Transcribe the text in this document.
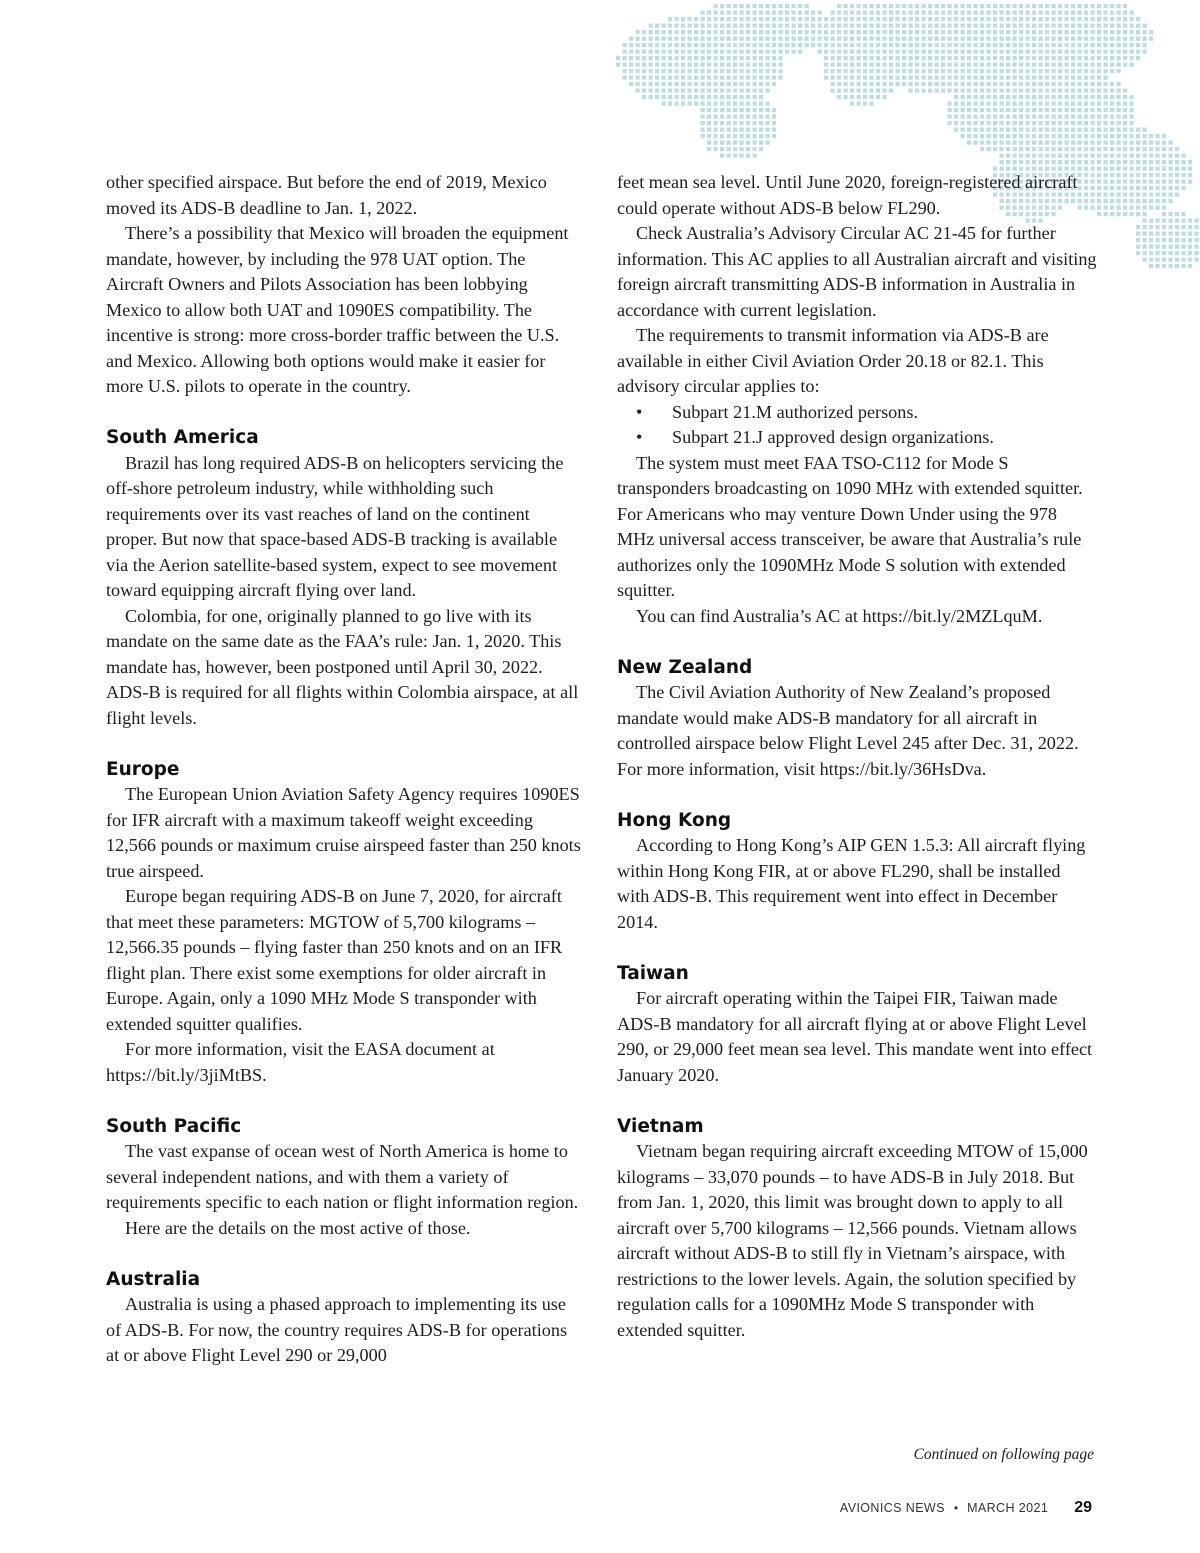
other specified airspace. But before the end of 2019, Mexico moved its ADS-B deadline to Jan. 1, 2022.

There’s a possibility that Mexico will broaden the equipment mandate, however, by including the 978 UAT option. The Aircraft Owners and Pilots Association has been lobbying Mexico to allow both UAT and 1090ES compatibility. The incentive is strong: more cross-border traffic between the U.S. and Mexico. Allowing both options would make it easier for more U.S. pilots to operate in the country.

South America

Brazil has long required ADS-B on helicopters servicing the off-shore petroleum industry, while withholding such requirements over its vast reaches of land on the continent proper. But now that space-based ADS-B tracking is available via the Aerion satellite-based system, expect to see movement toward equipping aircraft flying over land.

Colombia, for one, originally planned to go live with its mandate on the same date as the FAA’s rule: Jan. 1, 2020. This mandate has, however, been postponed until April 30, 2022. ADS-B is required for all flights within Colombia airspace, at all flight levels.

Europe

The European Union Aviation Safety Agency requires 1090ES for IFR aircraft with a maximum takeoff weight exceeding 12,566 pounds or maximum cruise airspeed faster than 250 knots true airspeed.

Europe began requiring ADS-B on June 7, 2020, for aircraft that meet these parameters: MGTOW of 5,700 kilograms – 12,566.35 pounds – flying faster than 250 knots and on an IFR flight plan. There exist some exemptions for older aircraft in Europe. Again, only a 1090 MHz Mode S transponder with extended squitter qualifies.

For more information, visit the EASA document at https://bit.ly/3jiMtBS.

South Pacific

The vast expanse of ocean west of North America is home to several independent nations, and with them a variety of requirements specific to each nation or flight information region.

Here are the details on the most active of those.

Australia

Australia is using a phased approach to implementing its use of ADS-B. For now, the country requires ADS-B for operations at or above Flight Level 290 or 29,000

feet mean sea level. Until June 2020, foreign-registered aircraft could operate without ADS-B below FL290.

Check Australia’s Advisory Circular AC 21-45 for further information. This AC applies to all Australian aircraft and visiting foreign aircraft transmitting ADS-B information in Australia in accordance with current legislation.

The requirements to transmit information via ADS-B are available in either Civil Aviation Order 20.18 or 82.1. This advisory circular applies to:

• Subpart 21.M authorized persons.
• Subpart 21.J approved design organizations.

The system must meet FAA TSO-C112 for Mode S transponders broadcasting on 1090 MHz with extended squitter. For Americans who may venture Down Under using the 978 MHz universal access transceiver, be aware that Australia’s rule authorizes only the 1090MHz Mode S solution with extended squitter.

You can find Australia’s AC at https://bit.ly/2MZLquM.

New Zealand

The Civil Aviation Authority of New Zealand’s proposed mandate would make ADS-B mandatory for all aircraft in controlled airspace below Flight Level 245 after Dec. 31, 2022. For more information, visit https://bit.ly/36HsDva.

Hong Kong

According to Hong Kong’s AIP GEN 1.5.3: All aircraft flying within Hong Kong FIR, at or above FL290, shall be installed with ADS-B. This requirement went into effect in December 2014.

Taiwan

For aircraft operating within the Taipei FIR, Taiwan made ADS-B mandatory for all aircraft flying at or above Flight Level 290, or 29,000 feet mean sea level. This mandate went into effect January 2020.

Vietnam

Vietnam began requiring aircraft exceeding MTOW of 15,000 kilograms – 33,070 pounds – to have ADS-B in July 2018. But from Jan. 1, 2020, this limit was brought down to apply to all aircraft over 5,700 kilograms – 12,566 pounds. Vietnam allows aircraft without ADS-B to still fly in Vietnam’s airspace, with restrictions to the lower levels. Again, the solution specified by regulation calls for a 1090MHz Mode S transponder with extended squitter.

Continued on following page
AVIONICS NEWS • MARCH 2021 29
